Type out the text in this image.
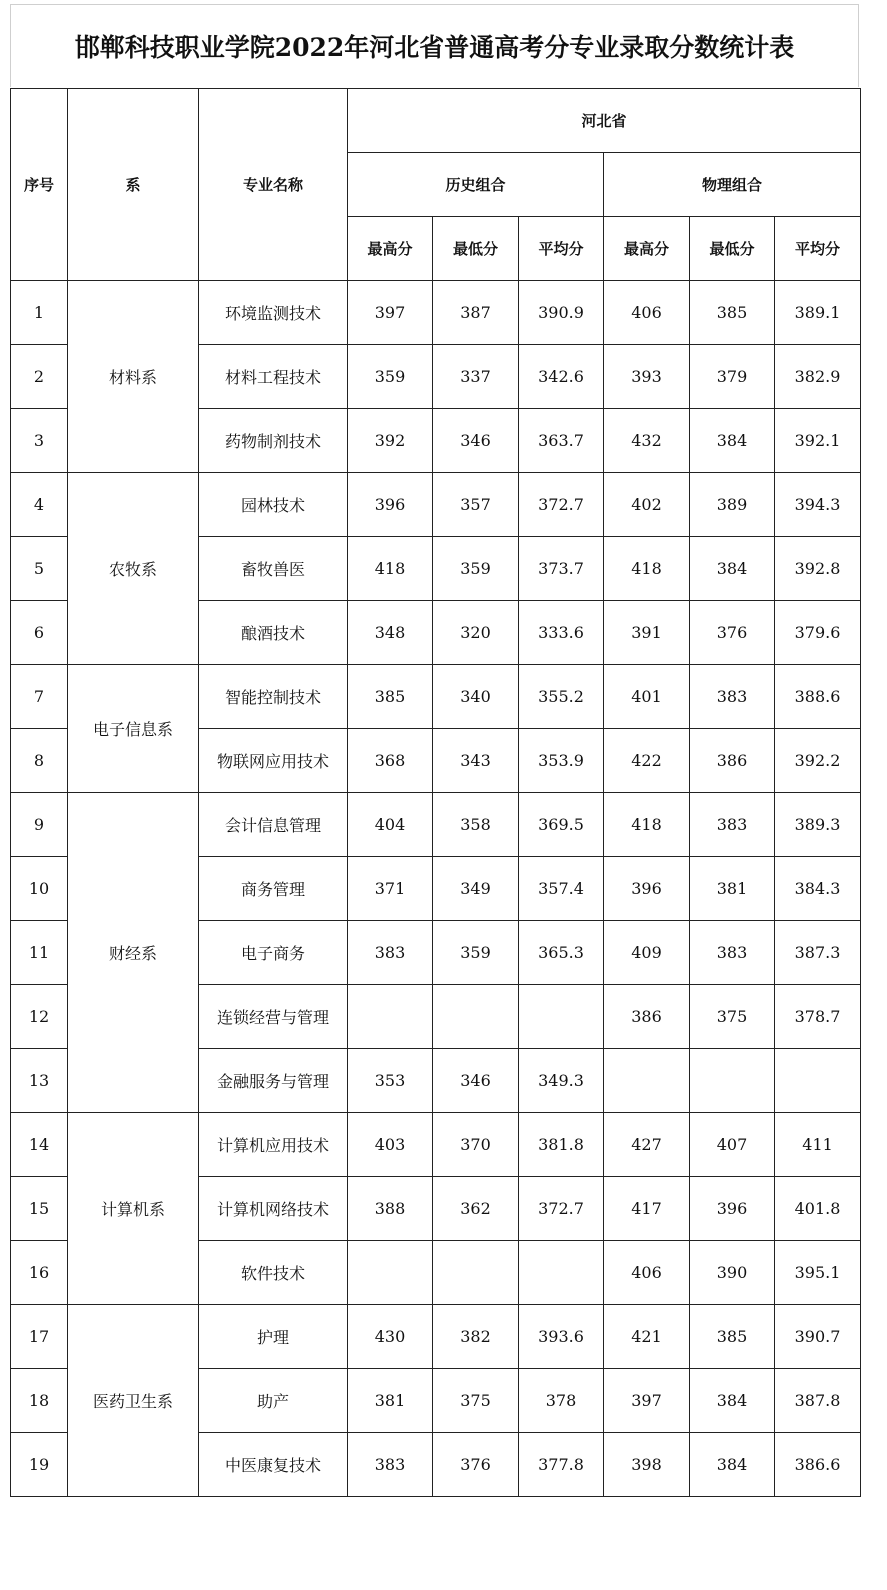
邯郸科技职业学院2022年河北省普通高考分专业录取分数统计表
序号	系	专业名称	河北省					
			历史组合			物理组合		
			最高分	最低分	平均分	最高分	最低分	平均分
1	材料系	环境监测技术	397	387	390.9	406	385	389.1
2		材料工程技术	359	337	342.6	393	379	382.9
3		药物制剂技术	392	346	363.7	432	384	392.1
4	农牧系	园林技术	396	357	372.7	402	389	394.3
5		畜牧兽医	418	359	373.7	418	384	392.8
6		酿酒技术	348	320	333.6	391	376	379.6
7	电子信息系	智能控制技术	385	340	355.2	401	383	388.6
8		物联网应用技术	368	343	353.9	422	386	392.2
9	财经系	会计信息管理	404	358	369.5	418	383	389.3
10		商务管理	371	349	357.4	396	381	384.3
11		电子商务	383	359	365.3	409	383	387.3
12		连锁经营与管理				386	375	378.7
13		金融服务与管理	353	346	349.3			
14	计算机系	计算机应用技术	403	370	381.8	427	407	411
15		计算机网络技术	388	362	372.7	417	396	401.8
16		软件技术				406	390	395.1
17	医药卫生系	护理	430	382	393.6	421	385	390.7
18		助产	381	375	378	397	384	387.8
19		中医康复技术	383	376	377.8	398	384	386.6
